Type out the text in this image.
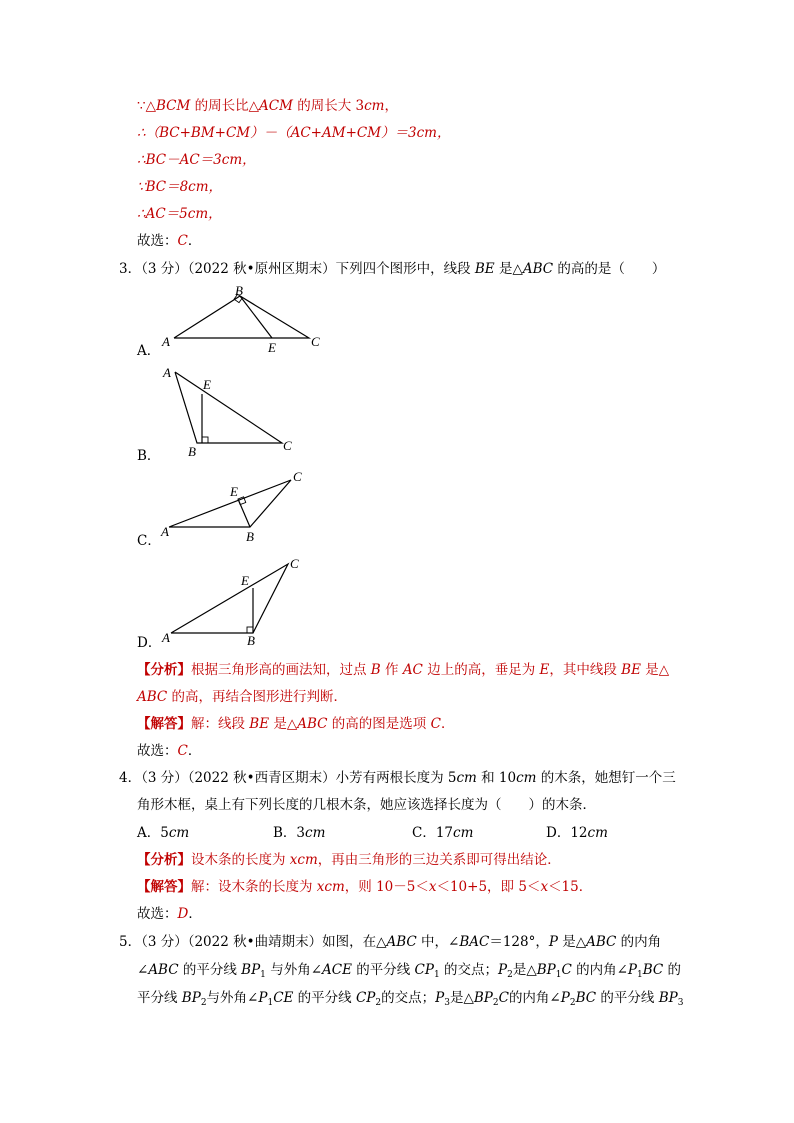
∵△BCM 的周长比△ACM 的周长大 3cm，
∴（BC+BM+CM）－（AC+AM+CM）＝3cm，
∴BC－AC＝3cm，
∵BC＝8cm，
∴AC＝5cm，
故选：C．
3．（3 分）（2022 秋•原州区期末）下列四个图形中，线段 BE 是△ABC 的高的是（　　）
A．
B
A	E	C
B．
A
E
B	C
C．
E
C
A	B
D．
E
C
A	B
【分析】根据三角形高的画法知，过点 B 作 AC 边上的高，垂足为 E，其中线段 BE 是△
ABC 的高，再结合图形进行判断．
【解答】解：线段 BE 是△ABC 的高的图是选项 C．
故选：C．
4．（3 分）（2022 秋•西青区期末）小芳有两根长度为 5cm 和 10cm 的木条，她想钉一个三
角形木框，桌上有下列长度的几根木条，她应该选择长度为（　　）的木条．
A．5cm	B．3cm	C．17cm	D．12cm
【分析】设木条的长度为 xcm，再由三角形的三边关系即可得出结论．
【解答】解：设木条的长度为 xcm，则 10－5＜x＜10+5，即 5＜x＜15．
故选：D．
5．（3 分）（2022 秋•曲靖期末）如图，在△ABC 中，∠BAC＝128°，P 是△ABC 的内角
∠ABC 的平分线 $BP_1$ 与外角∠ACE 的平分线 $CP_1$ 的交点；$P_2$是$\triangle BP_1C$ 的内角$\angle P_1BC$ 的
平分线 $BP_2$与外角$\angle P_1CE$ 的平分线 $CP_2$的交点；$P_3$是$\triangle BP_2C$的内角$\angle P_2BC$ 的平分线 $BP_3$
